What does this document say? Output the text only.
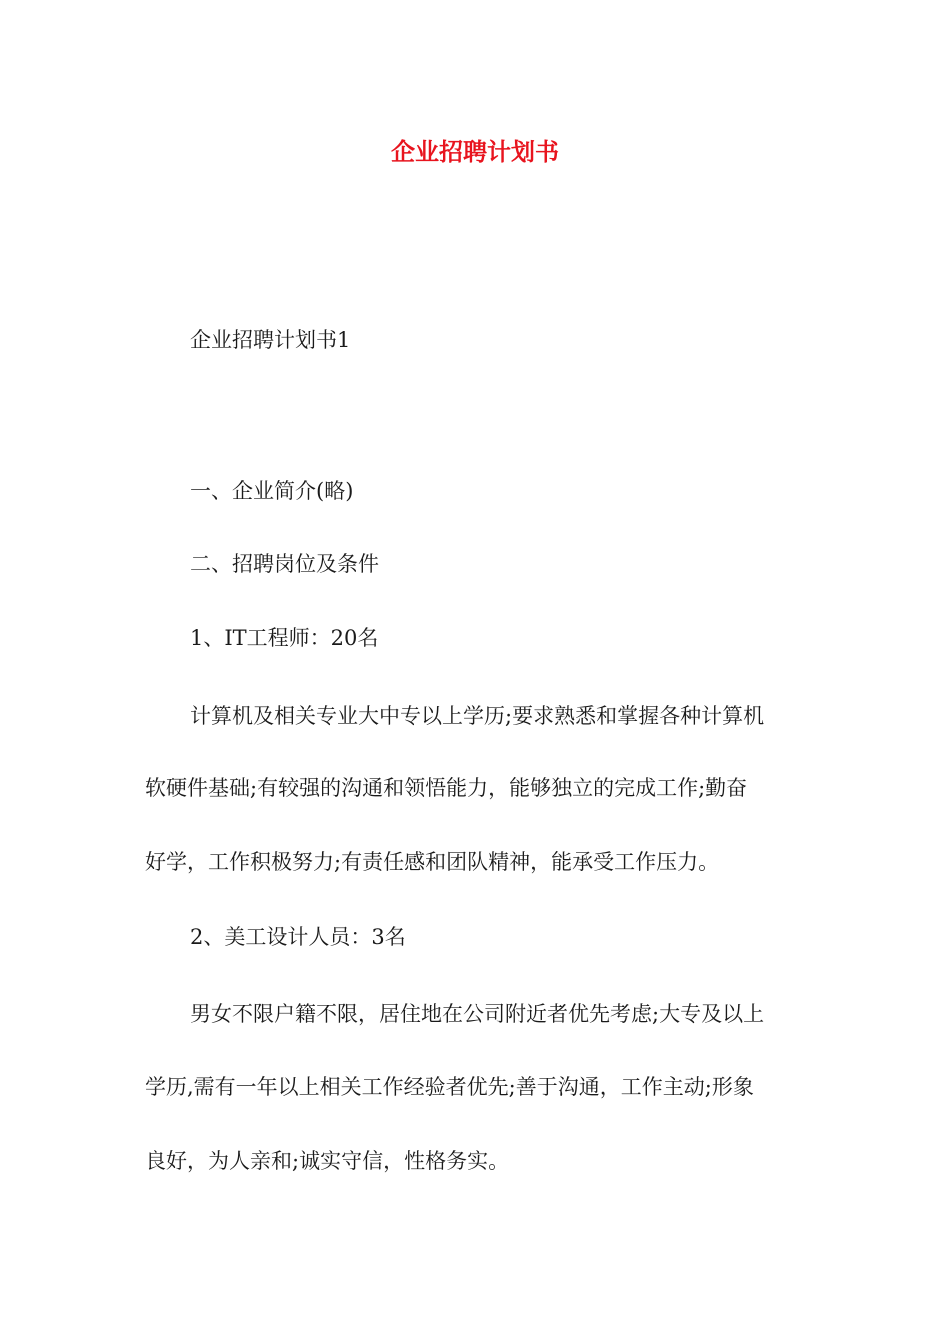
企业招聘计划书

企业招聘计划书1

一、企业简介(略)

二、招聘岗位及条件

1、IT工程师：20名

计算机及相关专业大中专以上学历;要求熟悉和掌握各种计算机

软硬件基础;有较强的沟通和领悟能力，能够独立的完成工作;勤奋

好学，工作积极努力;有责任感和团队精神，能承受工作压力。

2、美工设计人员：3名

男女不限户籍不限，居住地在公司附近者优先考虑;大专及以上

学历,需有一年以上相关工作经验者优先;善于沟通，工作主动;形象

良好，为人亲和;诚实守信，性格务实。
